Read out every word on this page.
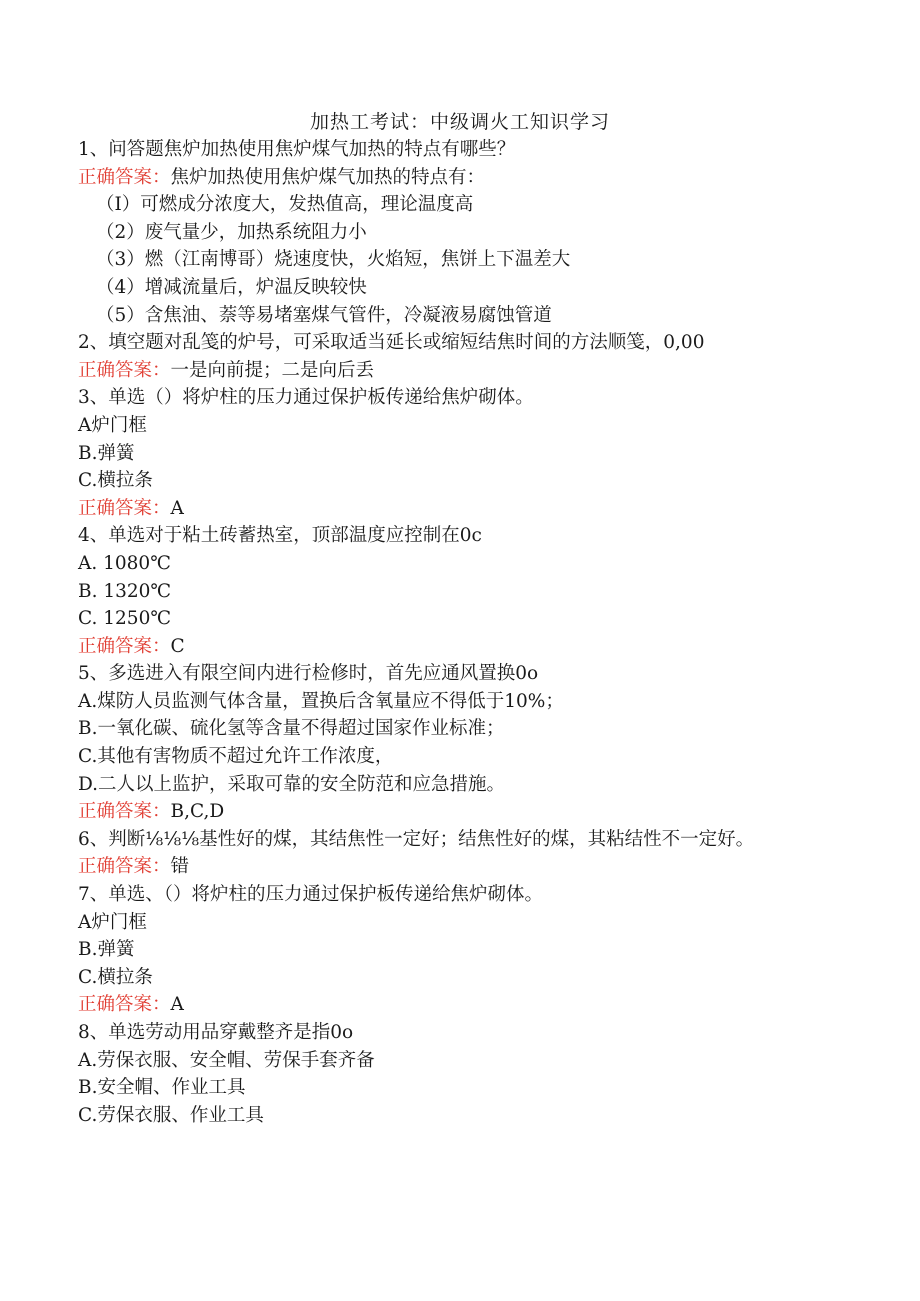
加热工考试：中级调火工知识学习
1、问答题焦炉加热使用焦炉煤气加热的特点有哪些？
正确答案：焦炉加热使用焦炉煤气加热的特点有：
（I）可燃成分浓度大，发热值高，理论温度高
（2）废气量少，加热系统阻力小
（3）燃（江南博哥）烧速度快，火焰短，焦饼上下温差大
（4）增减流量后，炉温反映较快
（5）含焦油、萘等易堵塞煤气管件，冷凝液易腐蚀管道
2、填空题对乱笺的炉号，可采取适当延长或缩短结焦时间的方法顺笺，0,00
正确答案：一是向前提；二是向后丢
3、单选（）将炉柱的压力通过保护板传递给焦炉砌体。
A炉门框
B.弹簧
C.横拉条
正确答案：A
4、单选对于粘土砖蓄热室，顶部温度应控制在0c
A. 1080℃
B. 1320℃
C. 1250℃
正确答案：C
5、多选进入有限空间内进行检修时，首先应通风置换0o
A.煤防人员监测气体含量，置换后含氧量应不得低于10%；
B.一氧化碳、硫化氢等含量不得超过国家作业标准；
C.其他有害物质不超过允许工作浓度，
D.二人以上监护，采取可靠的安全防范和应急措施。
正确答案：B,C,D
6、判断⅛⅛⅛基性好的煤，其结焦性一定好；结焦性好的煤，其粘结性不一定好。
正确答案：错
7、单选、（）将炉柱的压力通过保护板传递给焦炉砌体。
A炉门框
B.弹簧
C.横拉条
正确答案：A
8、单选劳动用品穿戴整齐是指0o
A.劳保衣服、安全帽、劳保手套齐备
B.安全帽、作业工具
C.劳保衣服、作业工具
